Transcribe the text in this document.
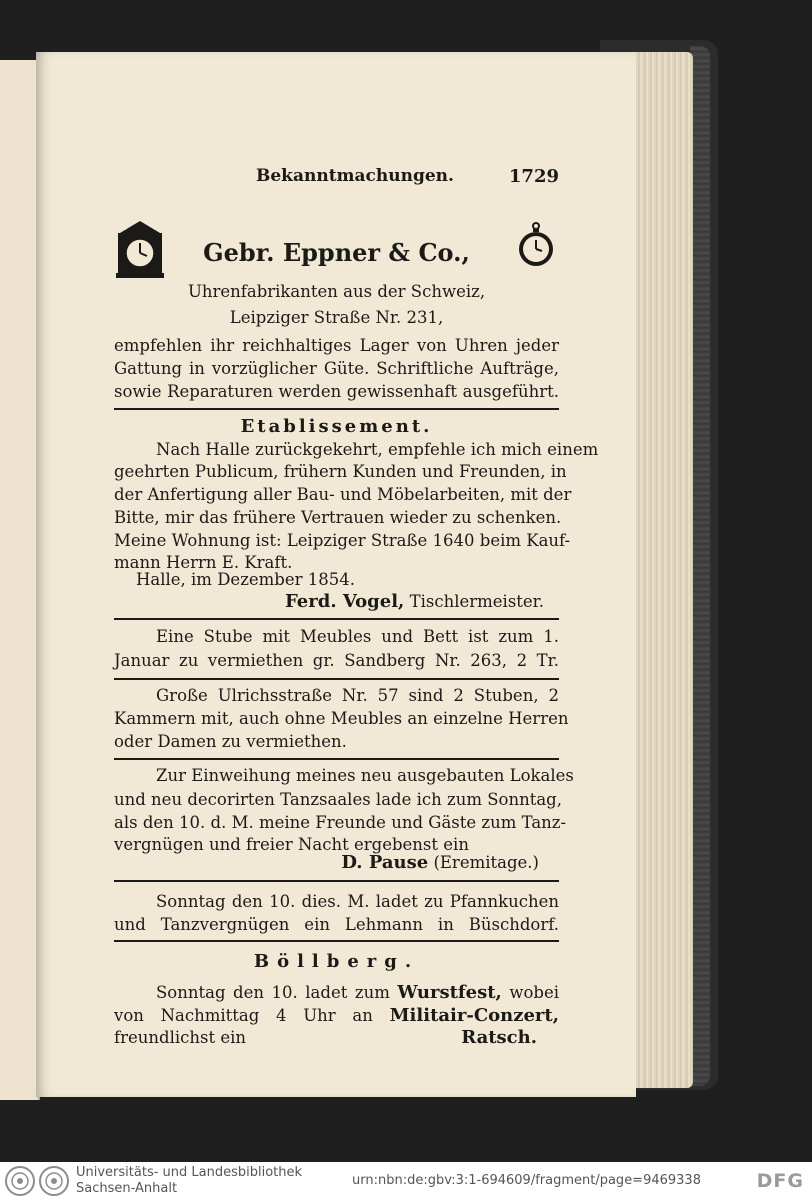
Bekanntmachungen.	1729
Gebr. Eppner & Co.,
Uhrenfabrikanten aus der Schweiz,
Leipziger Straße Nr. 231,
empfehlen ihr reichhaltiges Lager von Uhren jeder
Gattung in vorzüglicher Güte. Schriftliche Aufträge,
sowie Reparaturen werden gewissenhaft ausgeführt.
Etablissement.
Nach Halle zurückgekehrt, empfehle ich mich einem
geehrten Publicum, frühern Kunden und Freunden, in
der Anfertigung aller Bau- und Möbelarbeiten, mit der
Bitte, mir das frühere Vertrauen wieder zu schenken.
Meine Wohnung ist: Leipziger Straße 1640 beim Kauf-
mann Herrn E. Kraft.
Halle, im Dezember 1854.
Ferd. Vogel, Tischlermeister.
Eine Stube mit Meubles und Bett ist zum 1.
Januar zu vermiethen gr. Sandberg Nr. 263, 2 Tr.
Große Ulrichsstraße Nr. 57 sind 2 Stuben, 2
Kammern mit, auch ohne Meubles an einzelne Herren
oder Damen zu vermiethen.
Zur Einweihung meines neu ausgebauten Lokales
und neu decorirten Tanzsaales lade ich zum Sonntag,
als den 10. d. M. meine Freunde und Gäste zum Tanz-
vergnügen und freier Nacht ergebenst ein
D. Pause (Eremitage.)
Sonntag den 10. dies. M. ladet zu Pfannkuchen
und Tanzvergnügen ein Lehmann in Büschdorf.
Böllberg.
Sonntag den 10. ladet zum Wurstfest, wobei
von Nachmittag 4 Uhr an Militair-Conzert,
freundlichst ein	Ratsch.
Universitäts- und Landesbibliothek
Sachsen-Anhalt
urn:nbn:de:gbv:3:1-694609/fragment/page=9469338	DFG
